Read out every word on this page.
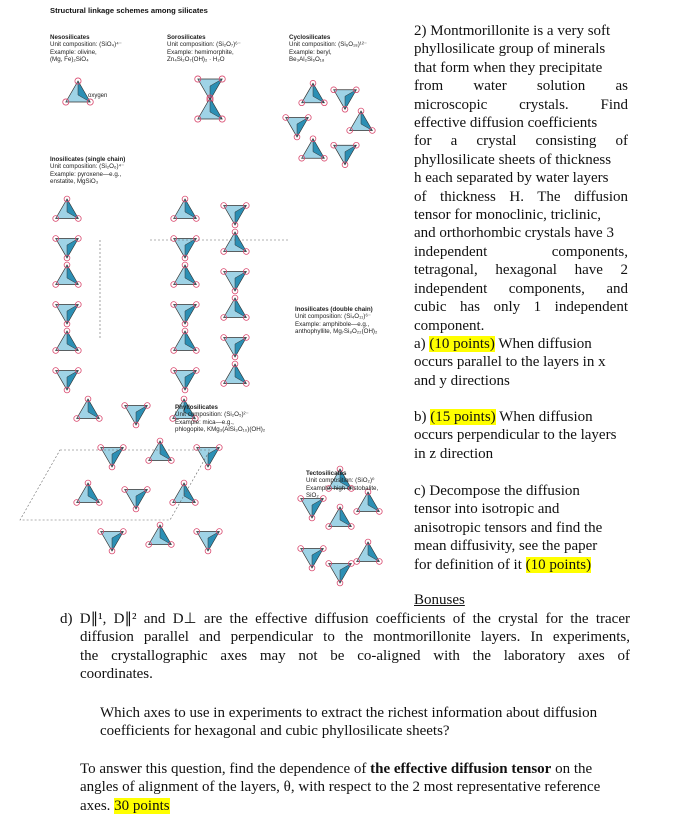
Structural linkage schemes among silicates
Nesosilicates
Unit composition: (SiO₄)⁴⁻
Example: olivine,
(Mg, Fe)₂SiO₄
Sorosilicates
Unit composition: (Si₂O₇)⁶⁻
Example: hemimorphite,
Zn₄Si₂O₇(OH)₂ · H₂O
Cyclosilicates
Unit composition: (Si₆O₁₈)¹²⁻
Example: beryl,
Be₃Al₂Si₆O₁₈
Inosilicates (single chain)
Unit composition: (Si₂O₆)⁴⁻
Example: pyroxene—e.g.,
enstatite, MgSiO₃
Inosilicates (double chain)
Unit composition: (Si₄O₁₁)⁶⁻
Example: amphibole—e.g.,
anthophyllite, Mg₇Si₈O₂₂(OH)₂
Phyllosilicates
Unit composition: (Si₂O₅)²⁻
Example: mica—e.g.,
phlogopite, KMg₃(AlSi₃O₁₀)(OH)₂
Tectosilicates
Unit composition: (SiO₂)⁰
Example: high cristobalite,
SiO₂
oxygen
2) Montmorillonite is a very soft
phyllosilicate group of minerals
that form when they precipitate
from water solution as
microscopic crystals. Find
effective diffusion coefficients
for a crystal consisting of
phyllosilicate sheets of thickness
h each separated by water layers
of thickness H. The diffusion
tensor for monoclinic, triclinic,
and orthorhombic crystals have 3
independent components,
tetragonal, hexagonal have 2
independent components, and
cubic has only 1 independent
component.
a) (10 points) When diffusion
occurs parallel to the layers in x
and y directions
b) (15 points) When diffusion
occurs perpendicular to the layers
in z direction
c) Decompose the diffusion
tensor into isotropic and
anisotropic tensors and find the
mean diffusivity, see the paper
for definition of it (10 points)
Bonuses
d) D∥¹, D∥² and D⊥ are the effective diffusion coefficients of the crystal for the tracer
diffusion parallel and perpendicular to the montmorillonite layers. In experiments,
the crystallographic axes may not be co-aligned with the laboratory axes of
coordinates.
Which axes to use in experiments to extract the richest information about diffusion
coefficients for hexagonal and cubic phyllosilicate sheets?
To answer this question, find the dependence of the effective diffusion tensor on the
angles of alignment of the layers, θ, with respect to the 2 most representative reference
axes. 30 points
